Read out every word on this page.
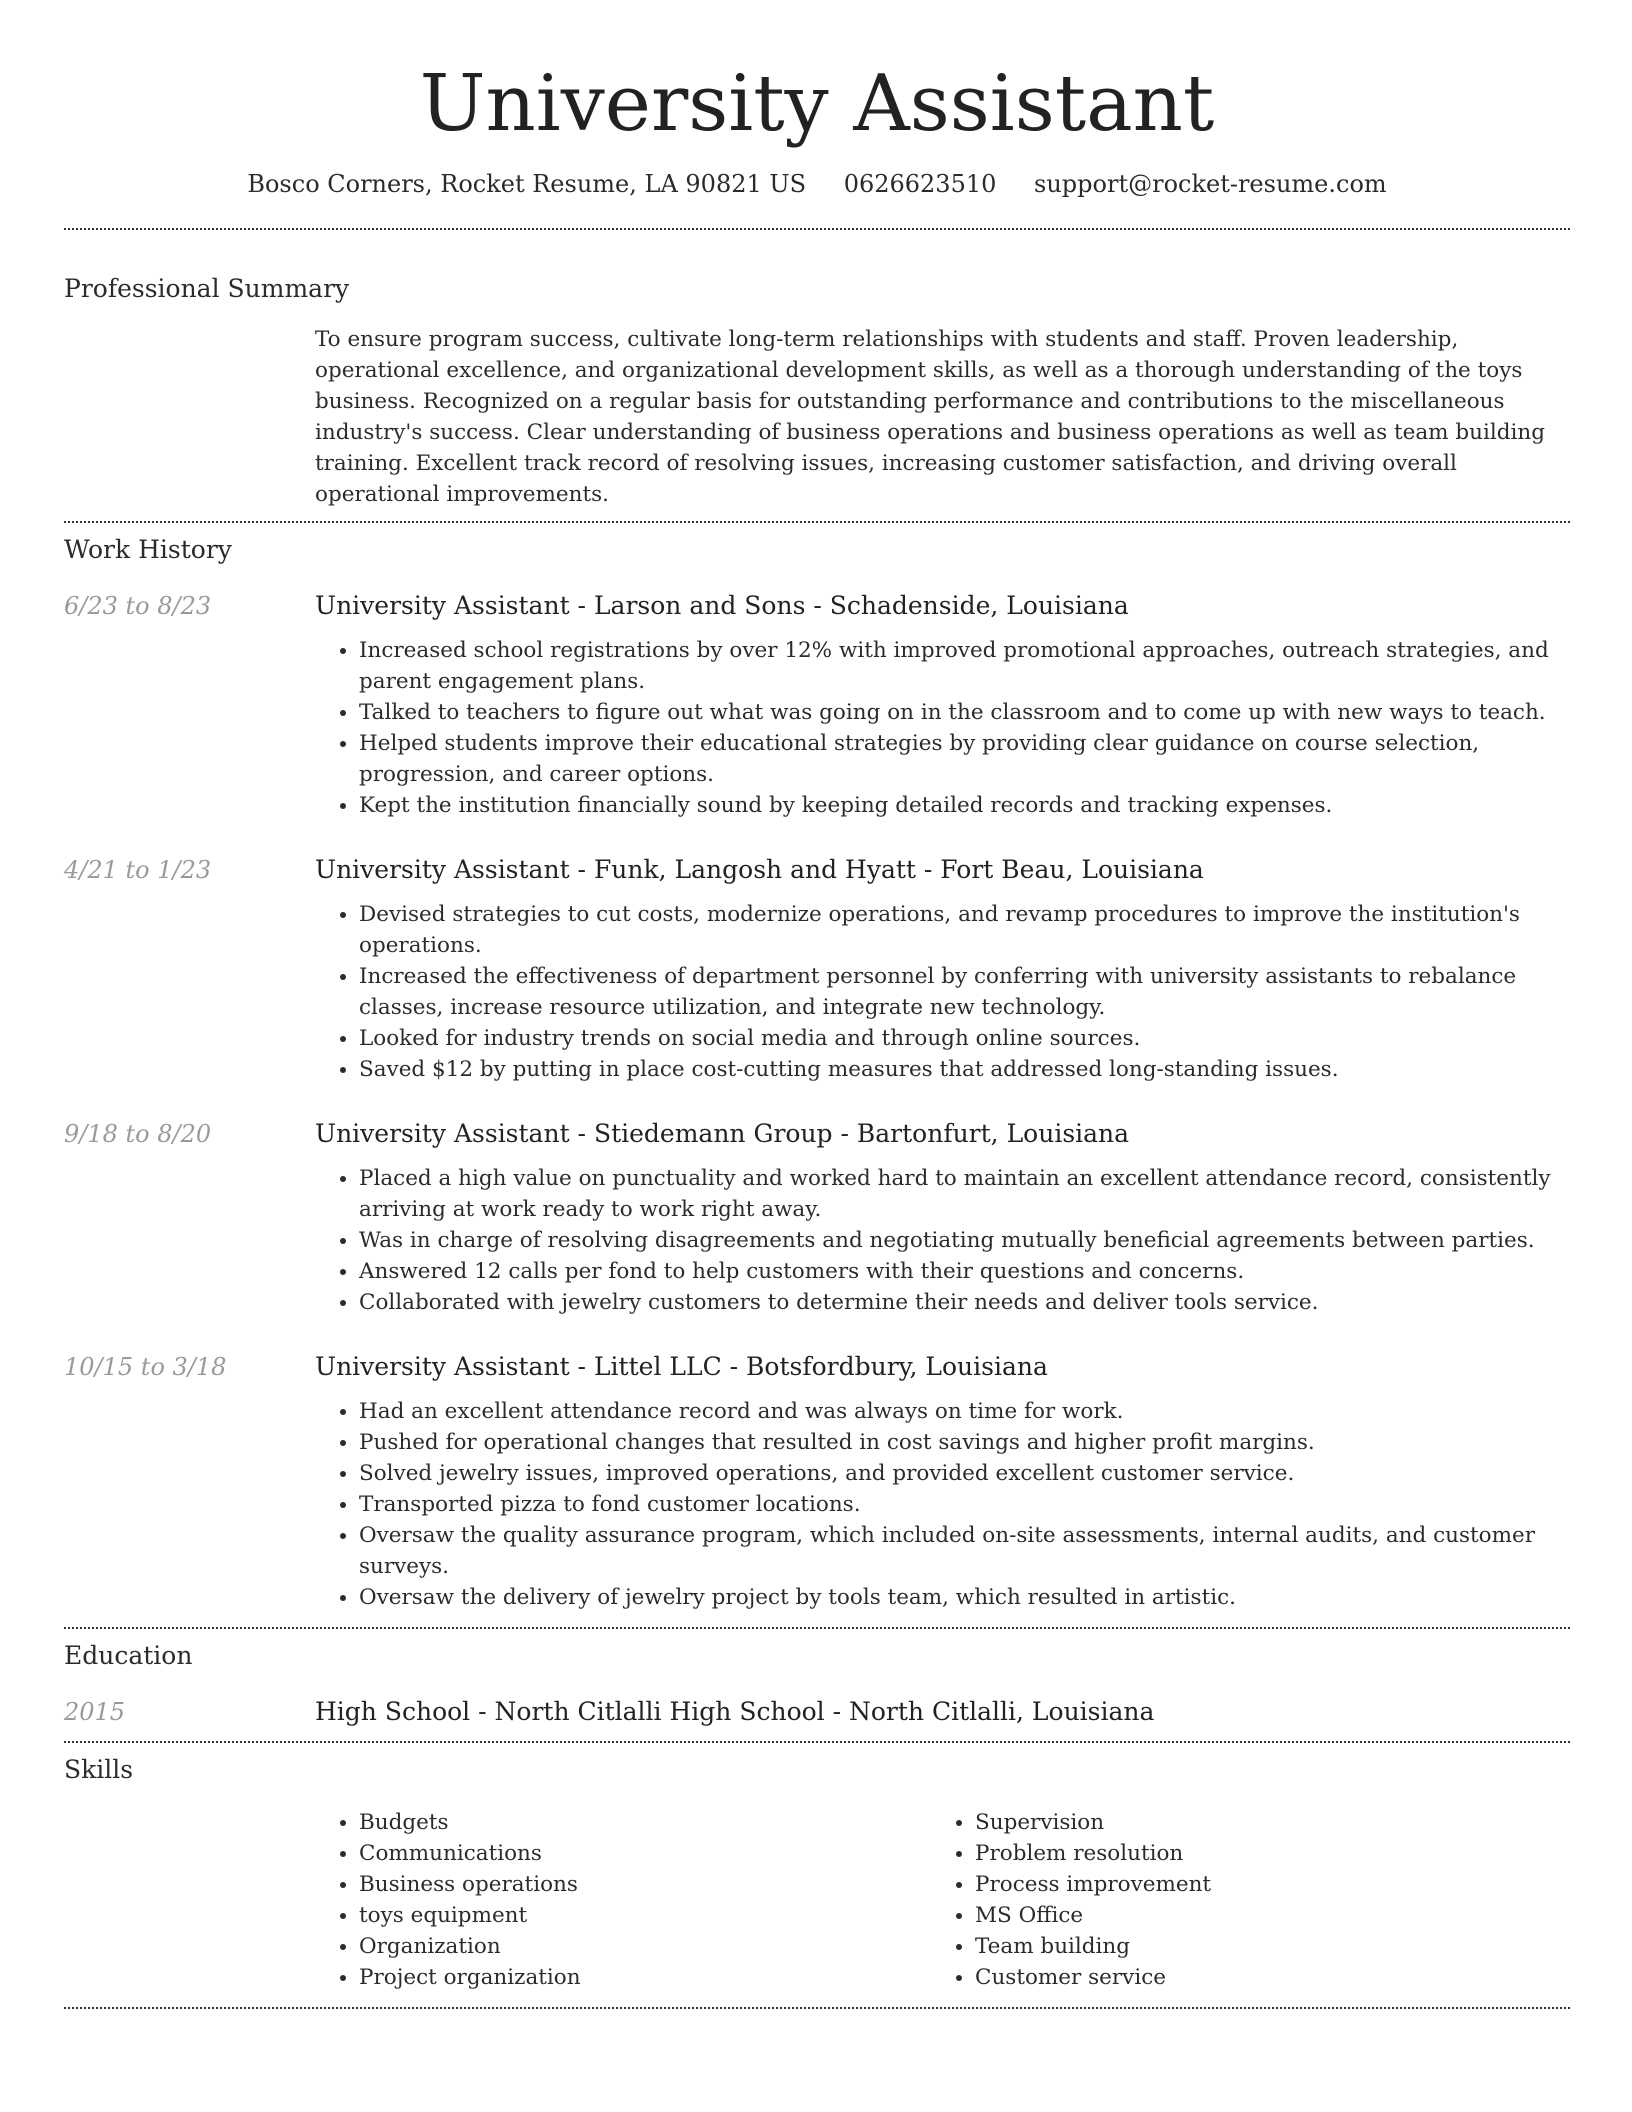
University Assistant
Bosco Corners, Rocket Resume, LA 90821 US 0626623510 support@rocket-resume.com
Professional Summary
To ensure program success, cultivate long-term relationships with students and staff. Proven leadership, operational excellence, and organizational development skills, as well as a thorough understanding of the toys business. Recognized on a regular basis for outstanding performance and contributions to the miscellaneous industry's success. Clear understanding of business operations and business operations as well as team building training. Excellent track record of resolving issues, increasing customer satisfaction, and driving overall operational improvements.
Work History
6/23 to 8/23	University Assistant - Larson and Sons - Schadenside, Louisiana
• Increased school registrations by over 12% with improved promotional approaches, outreach strategies, and parent engagement plans.
• Talked to teachers to figure out what was going on in the classroom and to come up with new ways to teach.
• Helped students improve their educational strategies by providing clear guidance on course selection, progression, and career options.
• Kept the institution financially sound by keeping detailed records and tracking expenses.
4/21 to 1/23	University Assistant - Funk, Langosh and Hyatt - Fort Beau, Louisiana
• Devised strategies to cut costs, modernize operations, and revamp procedures to improve the institution's operations.
• Increased the effectiveness of department personnel by conferring with university assistants to rebalance classes, increase resource utilization, and integrate new technology.
• Looked for industry trends on social media and through online sources.
• Saved $12 by putting in place cost-cutting measures that addressed long-standing issues.
9/18 to 8/20	University Assistant - Stiedemann Group - Bartonfurt, Louisiana
• Placed a high value on punctuality and worked hard to maintain an excellent attendance record, consistently arriving at work ready to work right away.
• Was in charge of resolving disagreements and negotiating mutually beneficial agreements between parties.
• Answered 12 calls per fond to help customers with their questions and concerns.
• Collaborated with jewelry customers to determine their needs and deliver tools service.
10/15 to 3/18	University Assistant - Littel LLC - Botsfordbury, Louisiana
• Had an excellent attendance record and was always on time for work.
• Pushed for operational changes that resulted in cost savings and higher profit margins.
• Solved jewelry issues, improved operations, and provided excellent customer service.
• Transported pizza to fond customer locations.
• Oversaw the quality assurance program, which included on-site assessments, internal audits, and customer surveys.
• Oversaw the delivery of jewelry project by tools team, which resulted in artistic.
Education
2015	High School - North Citlalli High School - North Citlalli, Louisiana
Skills
• Budgets
• Communications
• Business operations
• toys equipment
• Organization
• Project organization
• Supervision
• Problem resolution
• Process improvement
• MS Office
• Team building
• Customer service
